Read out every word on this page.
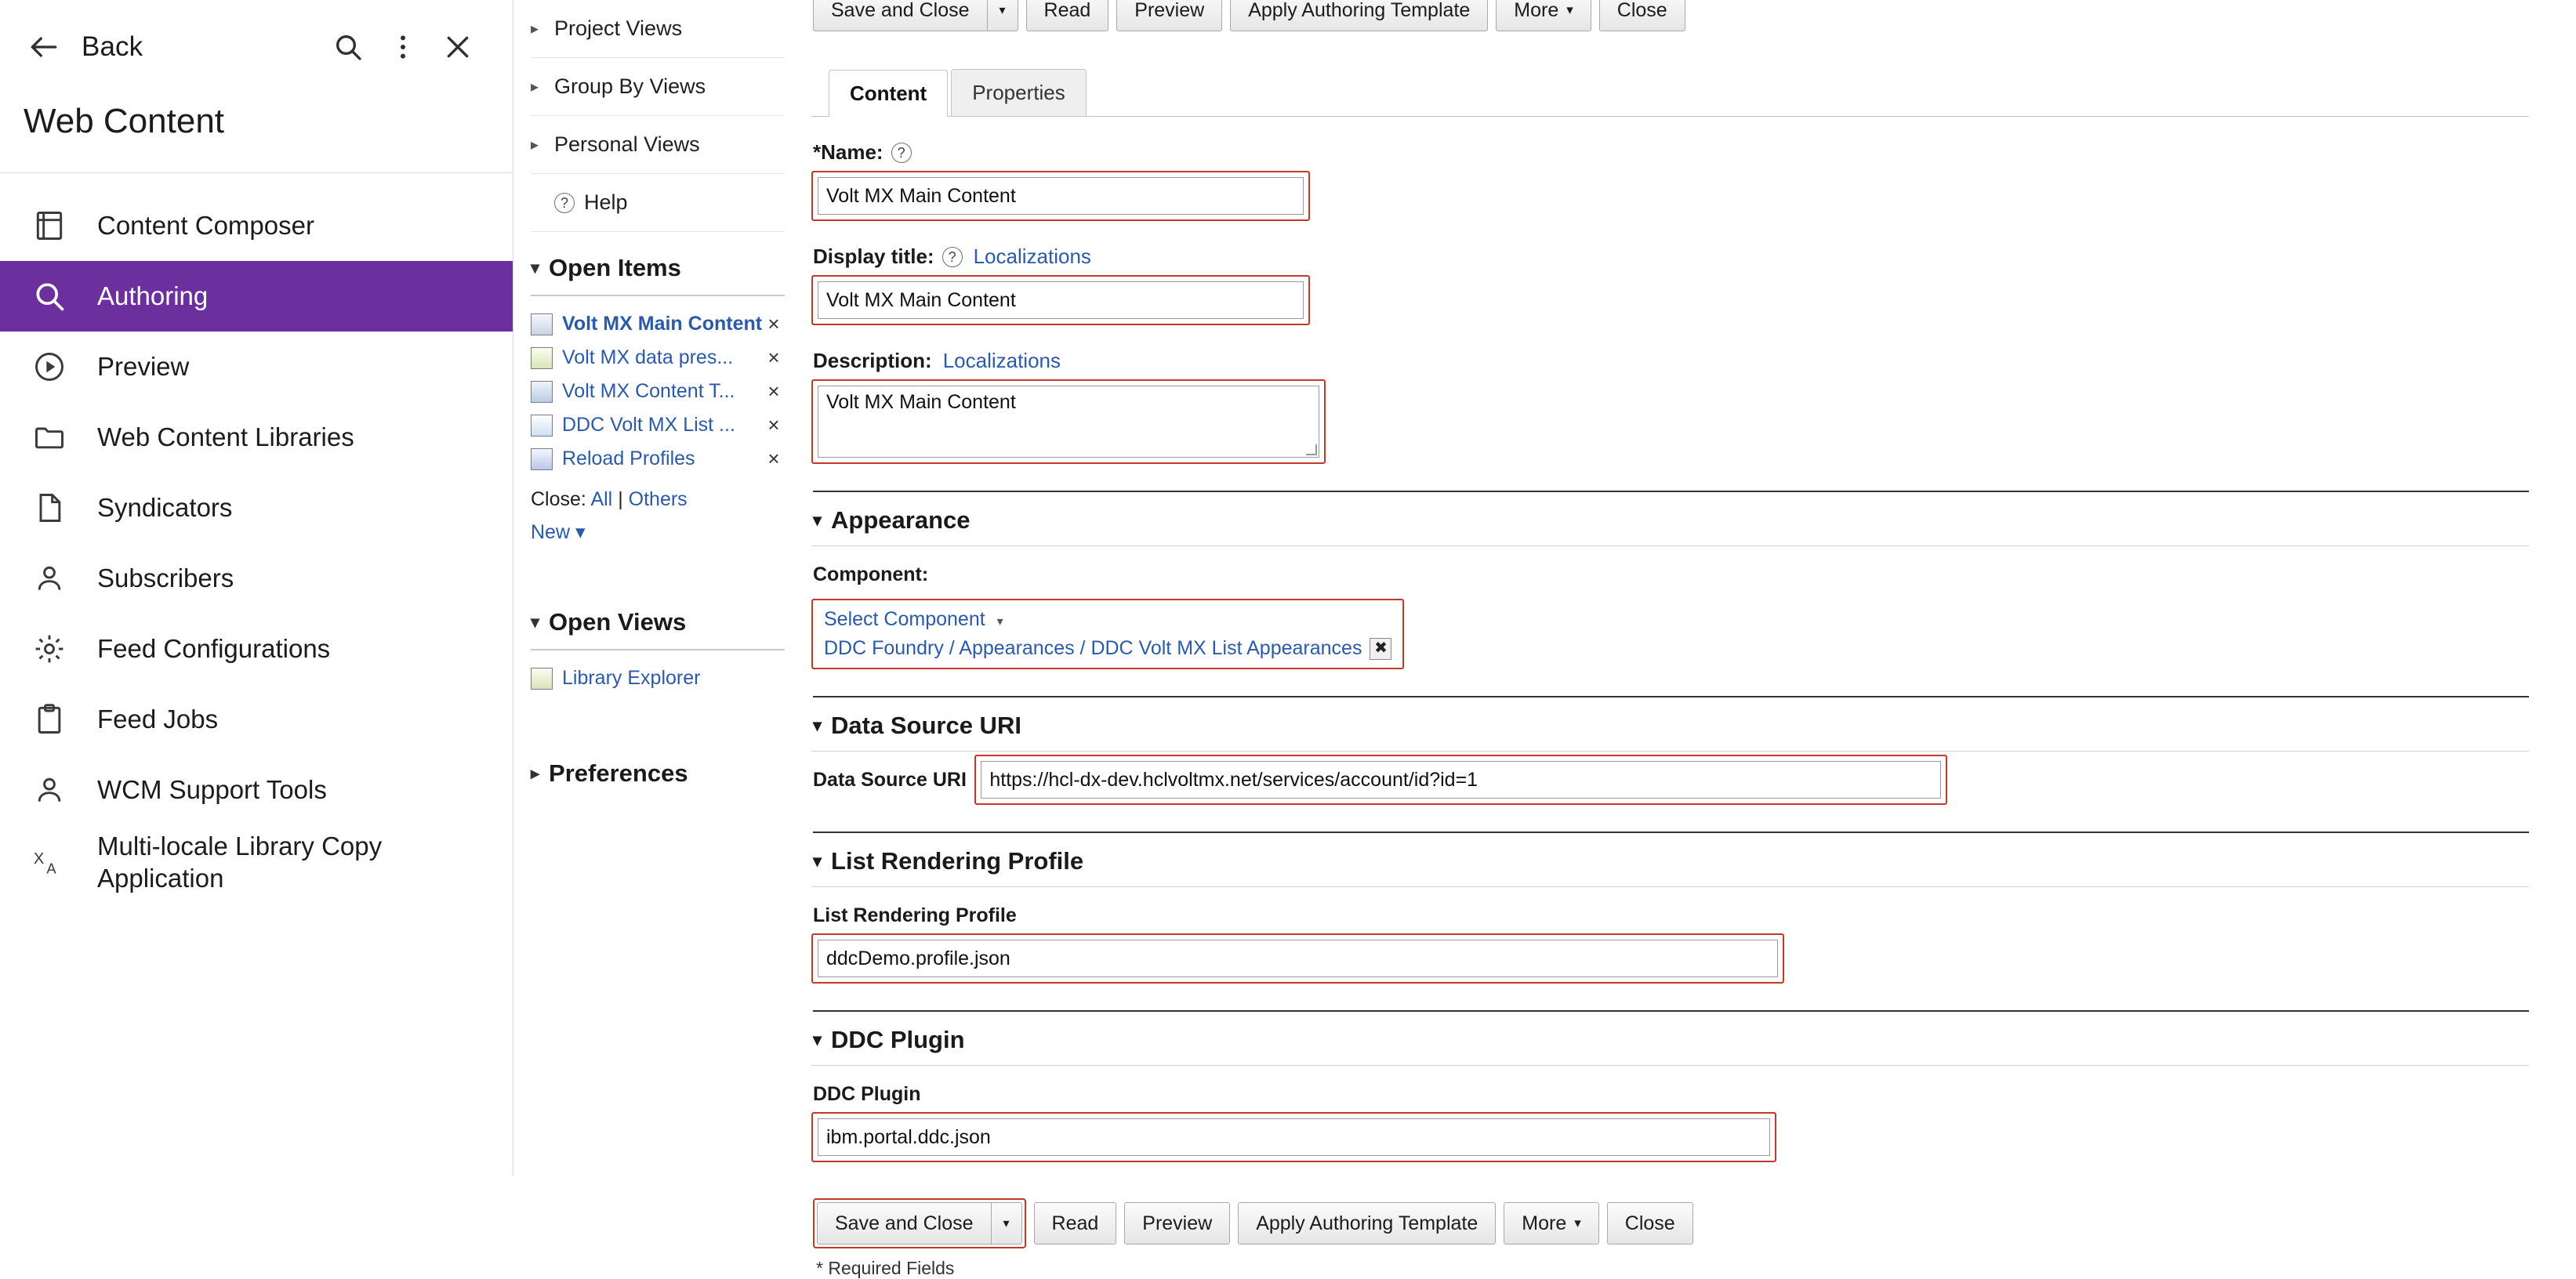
Back
Web Content
Content Composer
Authoring
Preview
Web Content Libraries
Syndicators
Subscribers
Feed Configurations
Feed Jobs
WCM Support Tools
X
A
Multi-locale Library Copy Application
▸ Project Views
▸ Group By Views
▸ Personal Views
? Help
▾ Open Items
Volt MX Main Content ×
Volt MX data pres...	×
Volt MX Content T...	×
DDC Volt MX List ...	×
Reload Profiles	×
Close: All | Others
New ▾
▾ Open Views
Library Explorer
▸ Preferences
Save and Close	▾	Read	Preview	Apply Authoring Template	More ▾	Close
Content	Properties
*Name: ?
Volt MX Main Content
Display title: ? Localizations
Volt MX Main Content
Description: Localizations
Volt MX Main Content
▾ Appearance
Component:
Select Component ▾
DDC Foundry / Appearances / DDC Volt MX List Appearances ✖
▾ Data Source URI
Data Source URI	https://hcl-dx-dev.hclvoltmx.net/services/account/id?id=1
▾ List Rendering Profile
List Rendering Profile
ddcDemo.profile.json
▾ DDC Plugin
DDC Plugin
ibm.portal.ddc.json
Save and Close	▾	Read	Preview	Apply Authoring Template	More ▾	Close
* Required Fields
